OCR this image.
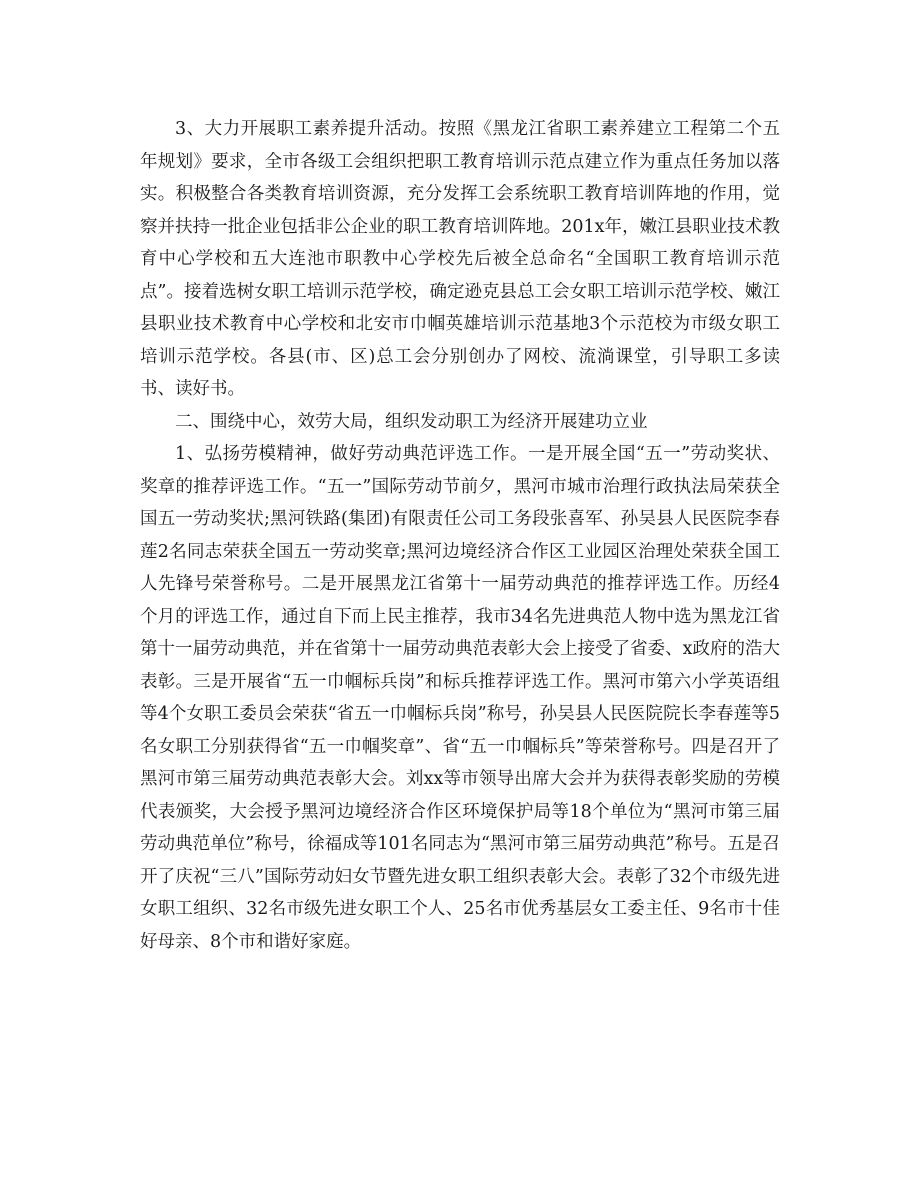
3、大力开展职工素养提升活动。按照《黑龙江省职工素养建立工程第二个五年规划》要求，全市各级工会组织把职工教育培训示范点建立作为重点任务加以落实。积极整合各类教育培训资源，充分发挥工会系统职工教育培训阵地的作用，觉察并扶持一批企业包括非公企业的职工教育培训阵地。201x年，嫩江县职业技术教育中心学校和五大连池市职教中心学校先后被全总命名“全国职工教育培训示范点”。接着选树女职工培训示范学校，确定逊克县总工会女职工培训示范学校、嫩江县职业技术教育中心学校和北安市巾帼英雄培训示范基地3个示范校为市级女职工培训示范学校。各县(市、区)总工会分别创办了网校、流淌课堂，引导职工多读书、读好书。

二、围绕中心，效劳大局，组织发动职工为经济开展建功立业

1、弘扬劳模精神，做好劳动典范评选工作。一是开展全国“五一”劳动奖状、奖章的推荐评选工作。“五一”国际劳动节前夕，黑河市城市治理行政执法局荣获全国五一劳动奖状;黑河铁路(集团)有限责任公司工务段张喜军、孙吴县人民医院李春莲2名同志荣获全国五一劳动奖章;黑河边境经济合作区工业园区治理处荣获全国工人先锋号荣誉称号。二是开展黑龙江省第十一届劳动典范的推荐评选工作。历经4个月的评选工作，通过自下而上民主推荐，我市34名先进典范人物中选为黑龙江省第十一届劳动典范，并在省第十一届劳动典范表彰大会上接受了省委、x政府的浩大表彰。三是开展省“五一巾帼标兵岗”和标兵推荐评选工作。黑河市第六小学英语组等4个女职工委员会荣获“省五一巾帼标兵岗”称号，孙吴县人民医院院长李春莲等5名女职工分别获得省“五一巾帼奖章”、省“五一巾帼标兵”等荣誉称号。四是召开了黑河市第三届劳动典范表彰大会。刘xx等市领导出席大会并为获得表彰奖励的劳模代表颁奖，大会授予黑河边境经济合作区环境保护局等18个单位为“黑河市第三届劳动典范单位”称号，徐福成等101名同志为“黑河市第三届劳动典范”称号。五是召开了庆祝“三八”国际劳动妇女节暨先进女职工组织表彰大会。表彰了32个市级先进女职工组织、32名市级先进女职工个人、25名市优秀基层女工委主任、9名市十佳好母亲、8个市和谐好家庭。
